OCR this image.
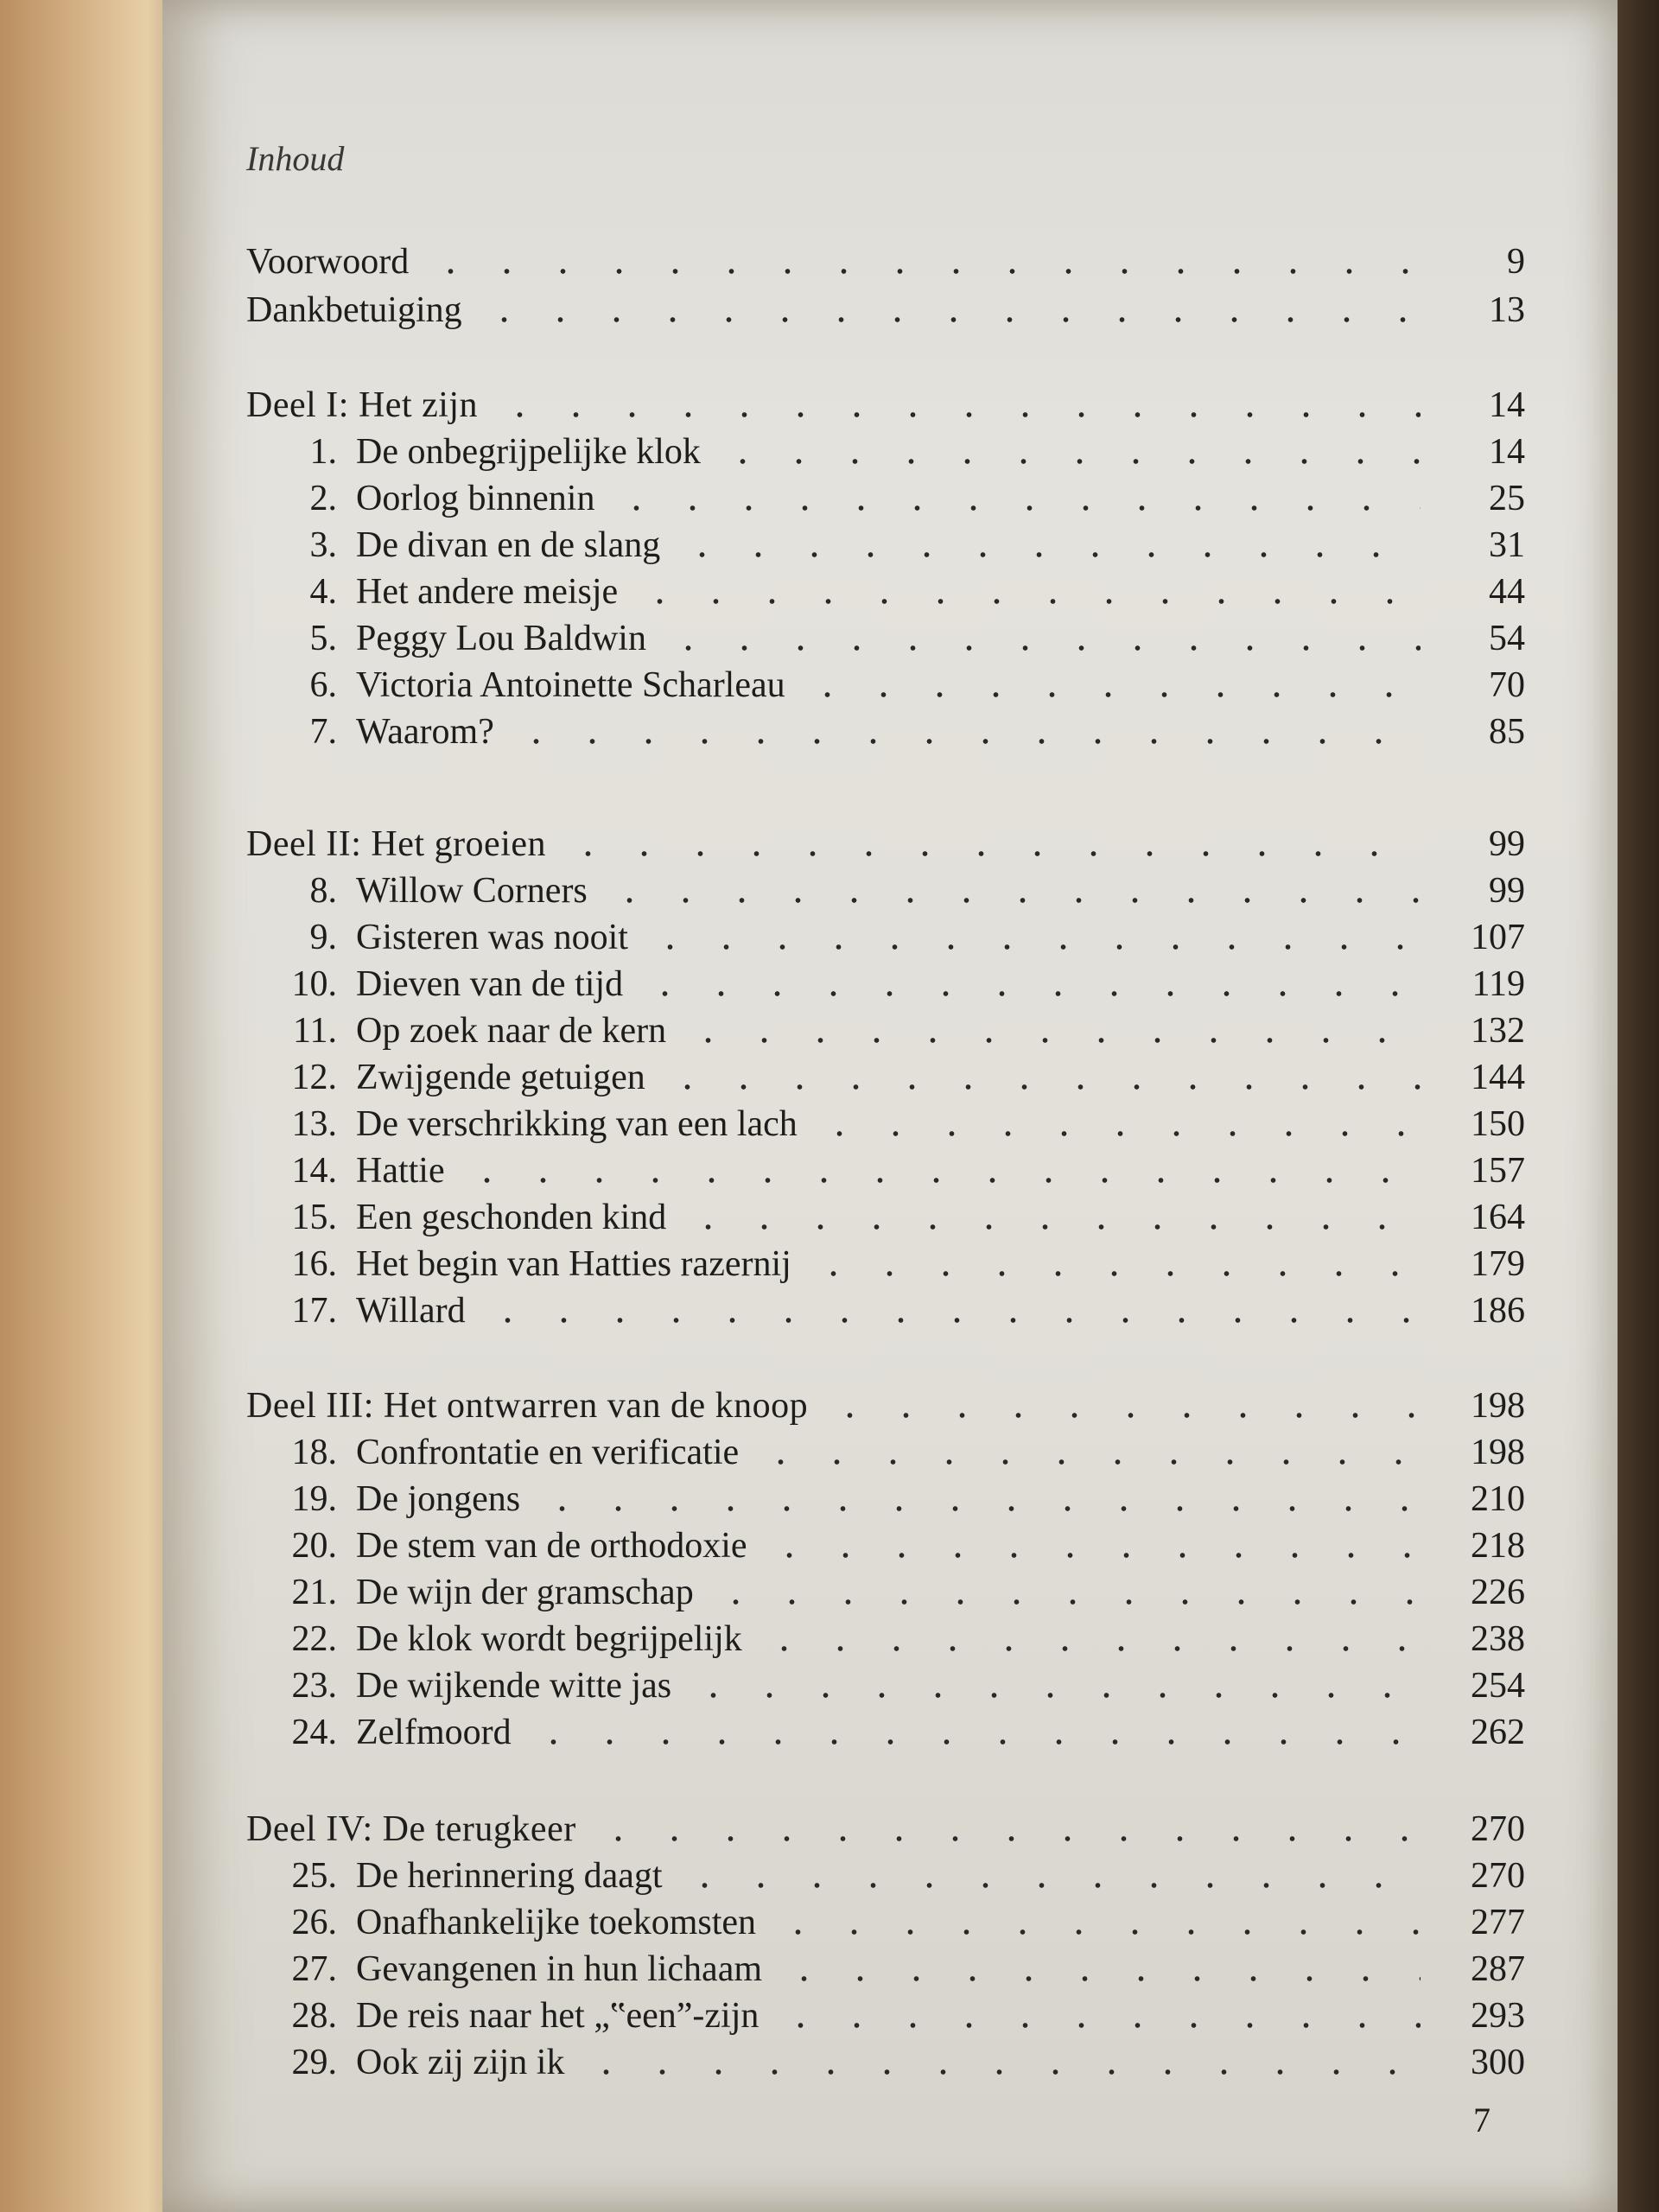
Inhoud
Voorwoord	9
Dankbetuiging	13
Deel I: Het zijn	14
1. De onbegrijpelijke klok	14
2. Oorlog binnenin	25
3. De divan en de slang	31
4. Het andere meisje	44
5. Peggy Lou Baldwin	54
6. Victoria Antoinette Scharleau	70
7. Waarom?	85
Deel II: Het groeien	99
8. Willow Corners	99
9. Gisteren was nooit	107
10. Dieven van de tijd	119
11. Op zoek naar de kern	132
12. Zwijgende getuigen	144
13. De verschrikking van een lach	150
14. Hattie	157
15. Een geschonden kind	164
16. Het begin van Hatties razernij	179
17. Willard	186
Deel III: Het ontwarren van de knoop	198
18. Confrontatie en verificatie	198
19. De jongens	210
20. De stem van de orthodoxie	218
21. De wijn der gramschap	226
22. De klok wordt begrijpelijk	238
23. De wijkende witte jas	254
24. Zelfmoord	262
Deel IV: De terugkeer	270
25. De herinnering daagt	270
26. Onafhankelijke toekomsten	277
27. Gevangenen in hun lichaam	287
28. De reis naar het „‟een”-zijn	293
29. Ook zij zijn ik	300
7
